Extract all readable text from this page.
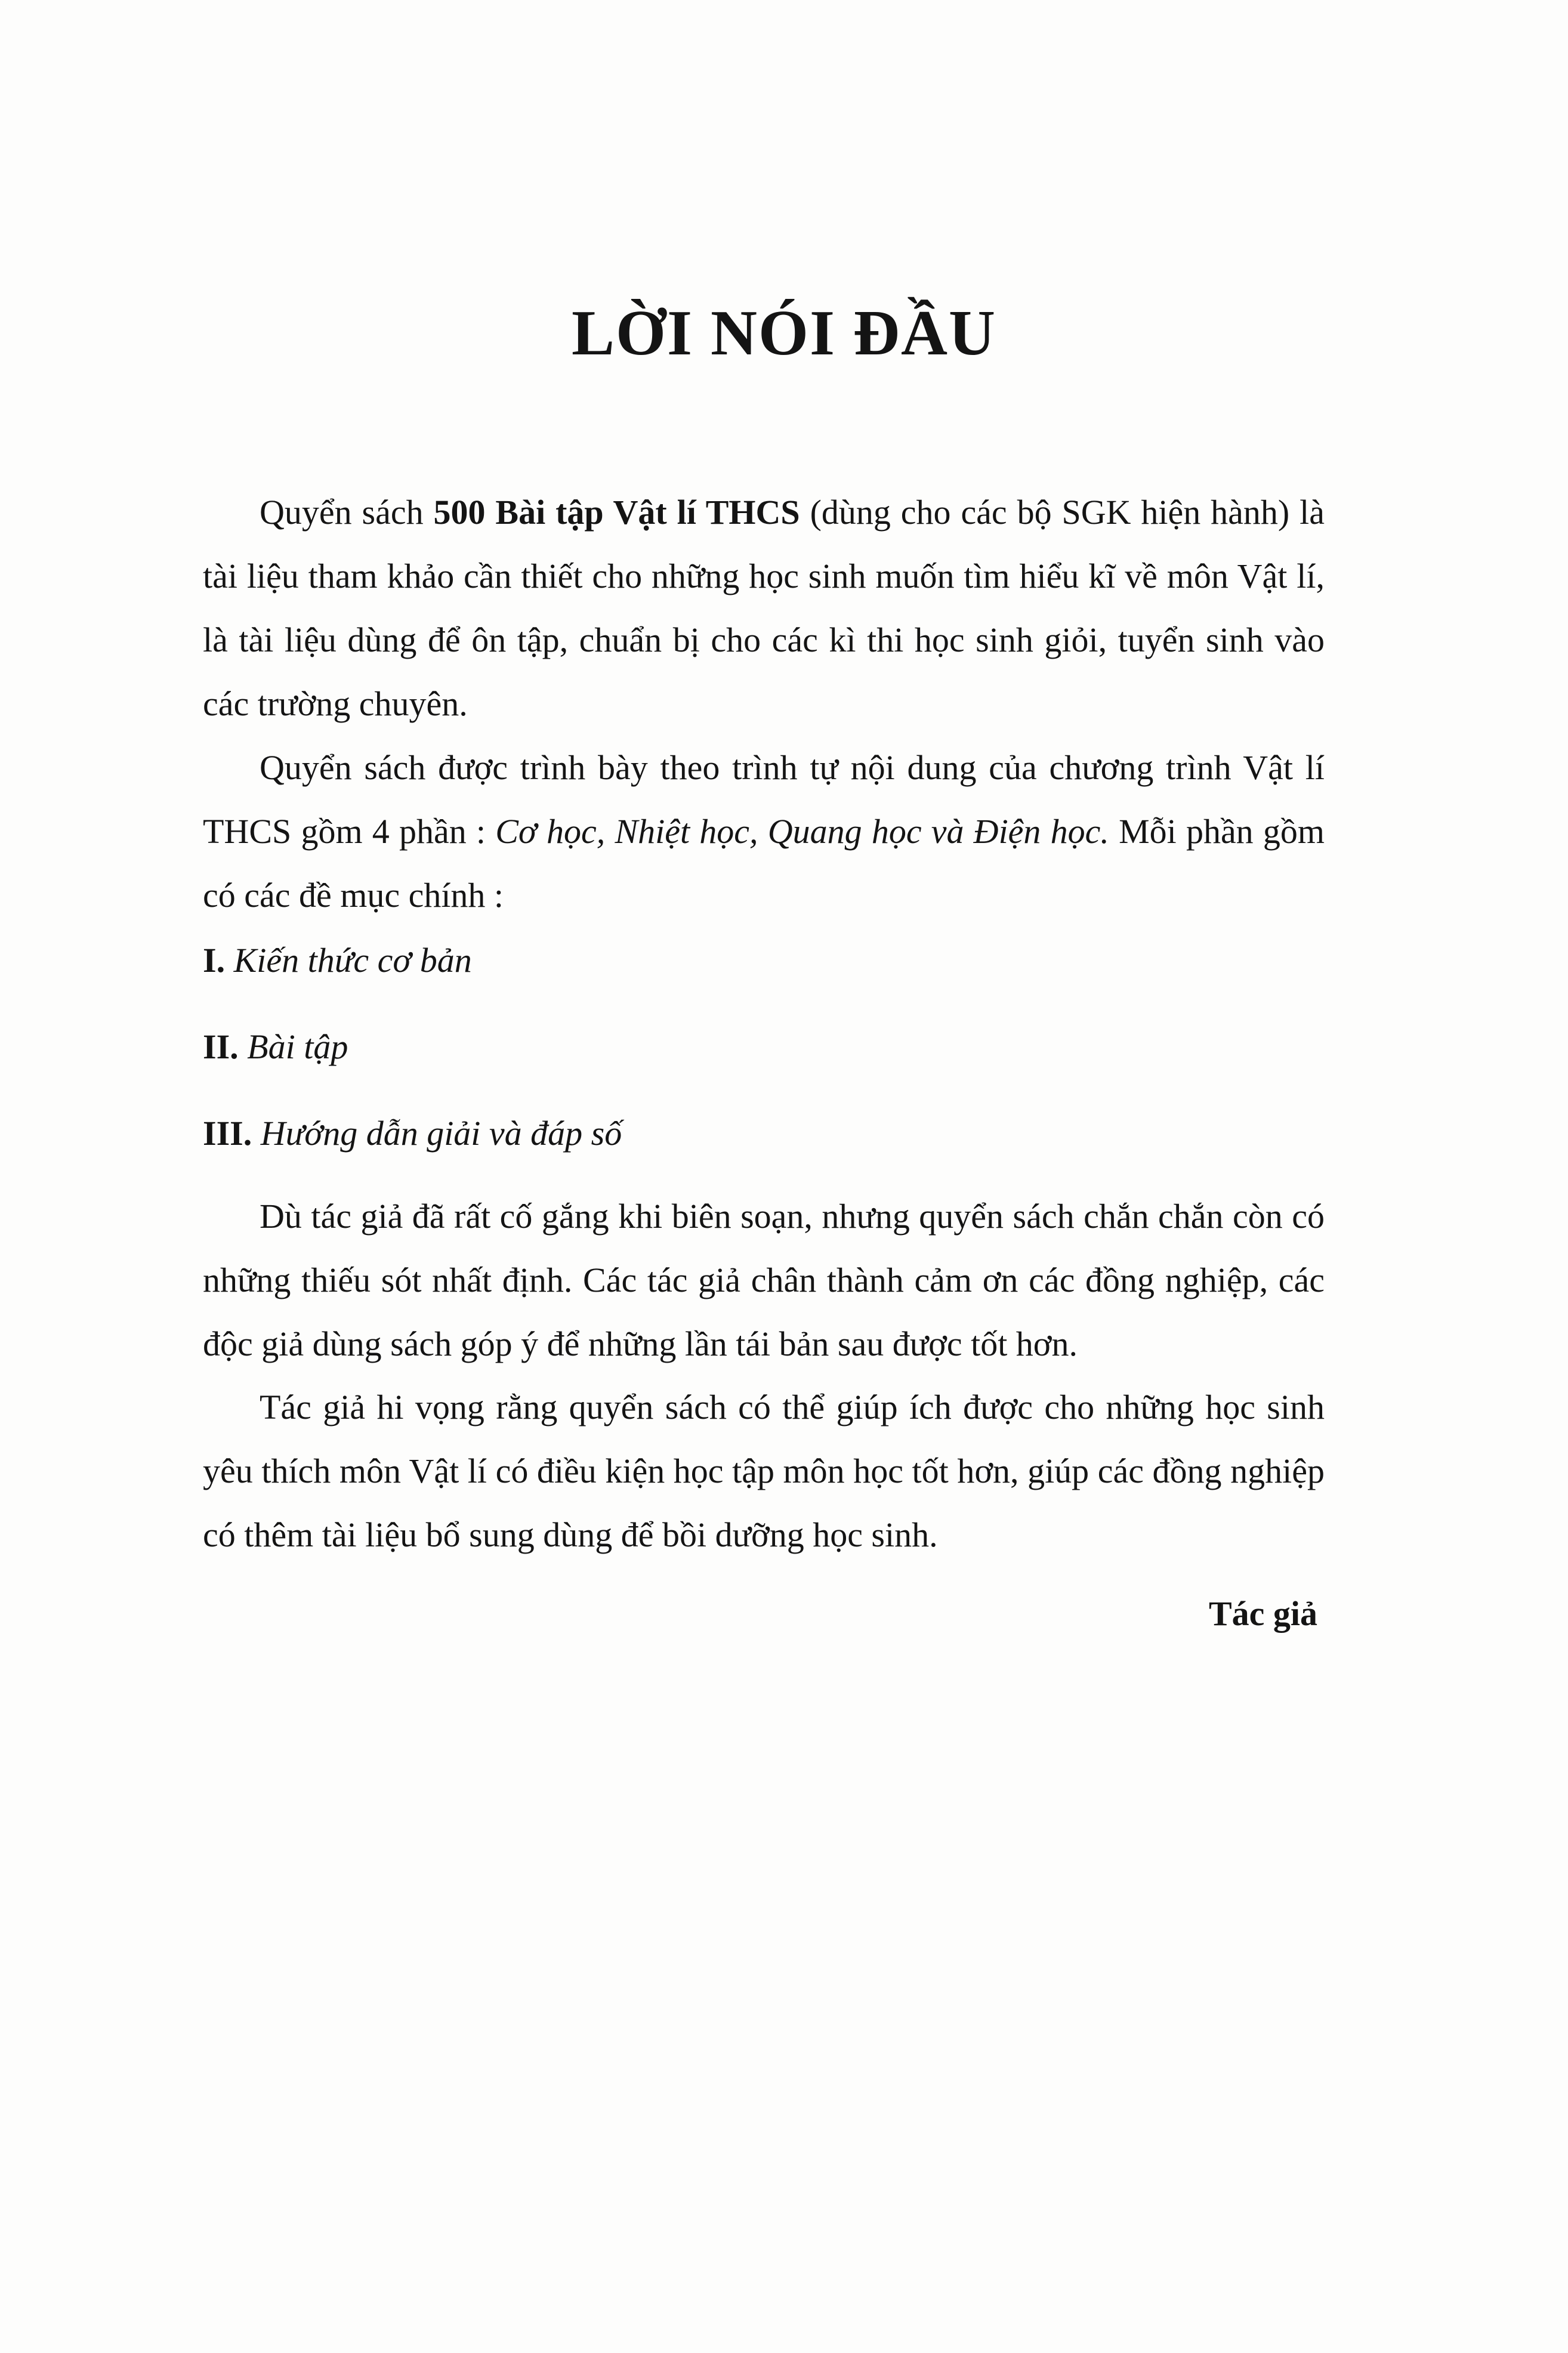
LỜI NÓI ĐẦU
Quyển sách 500 Bài tập Vật lí THCS (dùng cho các bộ SGK hiện hành) là tài liệu tham khảo cần thiết cho những học sinh muốn tìm hiểu kĩ về môn Vật lí, là tài liệu dùng để ôn tập, chuẩn bị cho các kì thi học sinh giỏi, tuyển sinh vào các trường chuyên.
Quyển sách được trình bày theo trình tự nội dung của chương trình Vật lí THCS gồm 4 phần : Cơ học, Nhiệt học, Quang học và Điện học. Mỗi phần gồm có các đề mục chính :
I. Kiến thức cơ bản
II. Bài tập
III. Hướng dẫn giải và đáp số
Dù tác giả đã rất cố gắng khi biên soạn, nhưng quyển sách chắn chắn còn có những thiếu sót nhất định. Các tác giả chân thành cảm ơn các đồng nghiệp, các độc giả dùng sách góp ý để những lần tái bản sau được tốt hơn.
Tác giả hi vọng rằng quyển sách có thể giúp ích được cho những học sinh yêu thích môn Vật lí có điều kiện học tập môn học tốt hơn, giúp các đồng nghiệp có thêm tài liệu bổ sung dùng để bồi dưỡng học sinh.
Tác giả
